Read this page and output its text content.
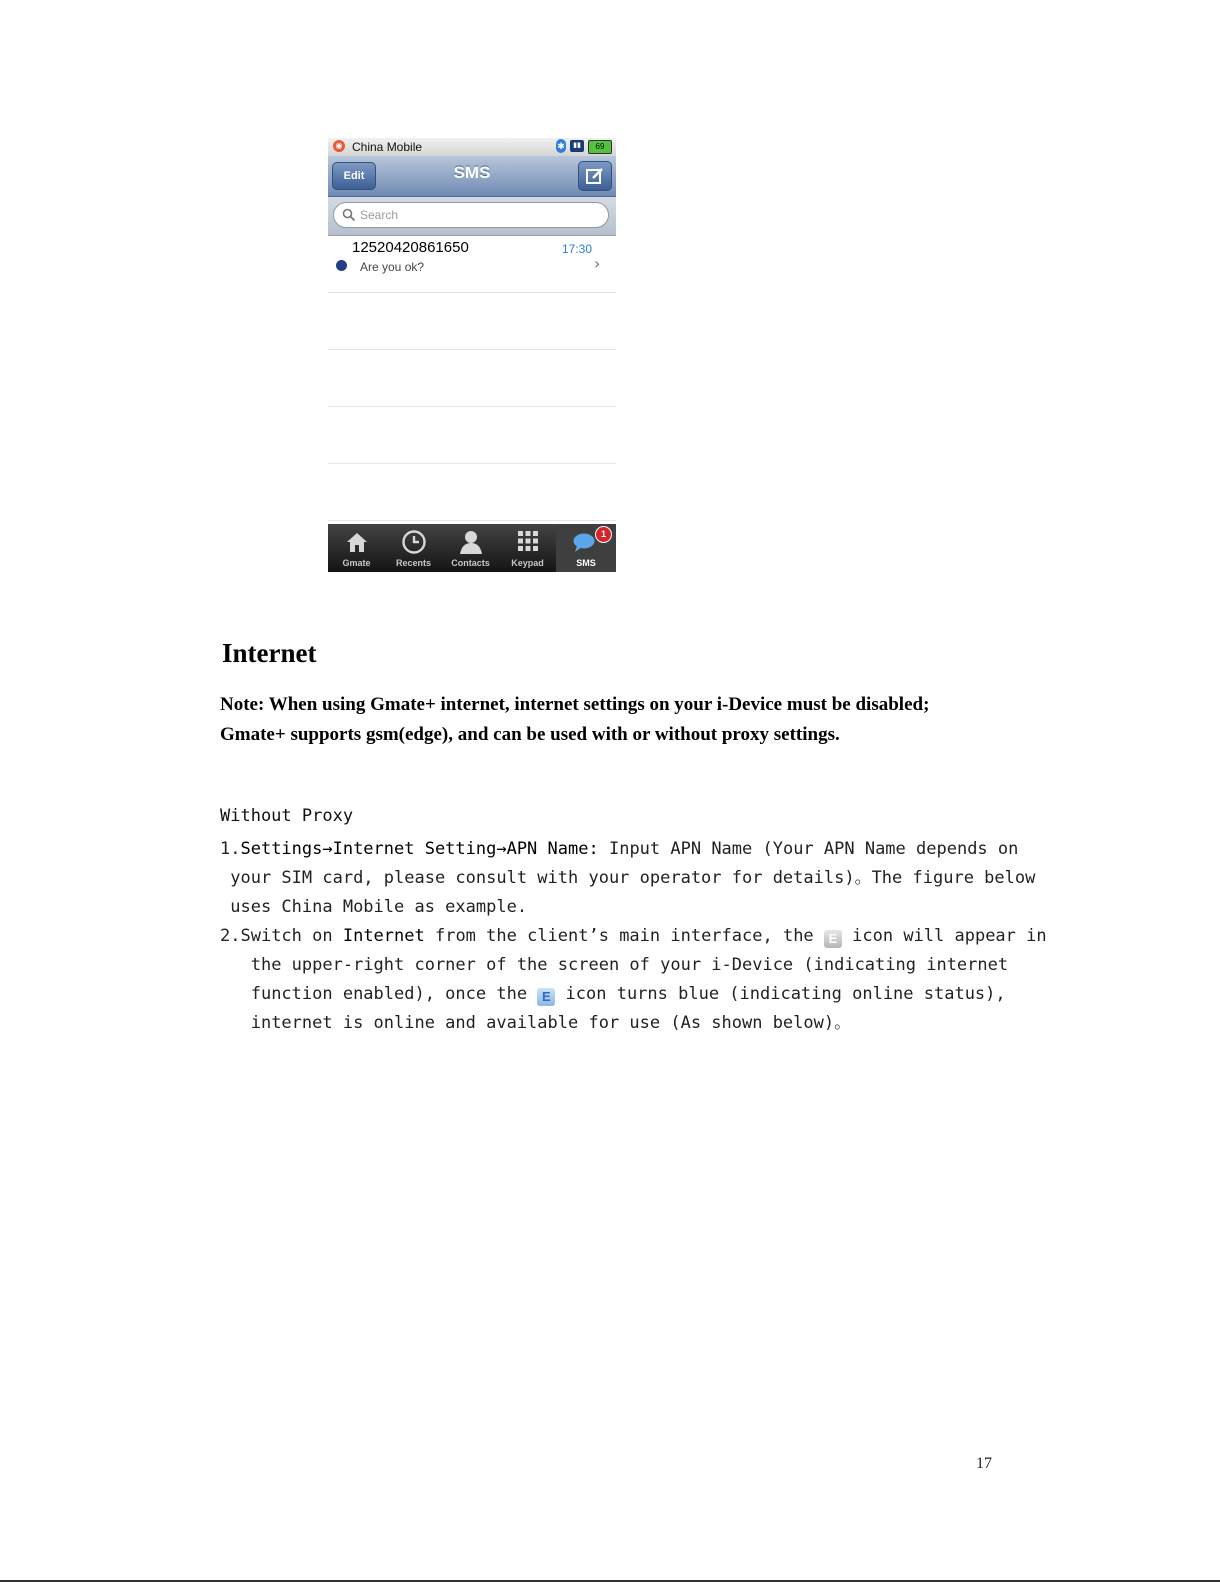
◉ China Mobile	✱	▮▮	69
Edit	SMS
Search
12520420861650	17:30
Are you ok?	›
Gmate	Recents	Contacts	Keypad
1
SMS
Internet

Note: When using Gmate+ internet, internet settings on your i-Device must be disabled;
Gmate+ supports gsm(edge), and can be used with or without proxy settings.

Without Proxy
1.Settings→Internet Setting→APN Name: Input APN Name (Your APN Name depends on
your SIM card, please consult with your operator for details)。The figure below
uses China Mobile as example.
2.Switch on Internet from the client’s main interface, the E icon will appear in
the upper-right corner of the screen of your i-Device (indicating internet
function enabled), once the E icon turns blue (indicating online status),
internet is online and available for use (As shown below)。
17
